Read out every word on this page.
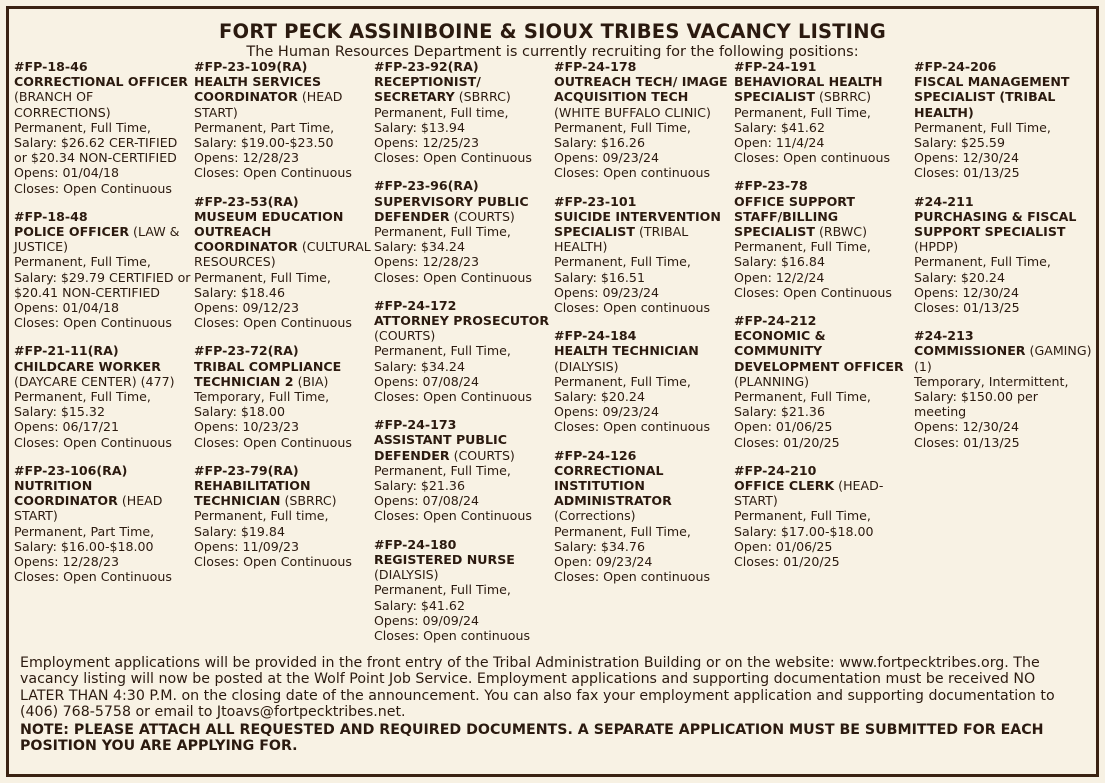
FORT PECK ASSINIBOINE & SIOUX TRIBES VACANCY LISTING
The Human Resources Department is currently recruiting for the following positions:
#FP-18-46
CORRECTIONAL OFFICER (BRANCH OF CORRECTIONS)
Permanent, Full Time,
Salary: $26.62 CER-TIFIED or $20.34 NON-CERTIFIED
Opens: 01/04/18
Closes: Open Continuous
#FP-18-48
POLICE OFFICER (LAW & JUSTICE)
Permanent, Full Time,
Salary: $29.79 CERTIFIED or $20.41 NON-CERTIFIED
Opens: 01/04/18
Closes: Open Continuous
#FP-21-11(RA)
CHILDCARE WORKER (DAYCARE CENTER) (477)
Permanent, Full Time,
Salary: $15.32
Opens: 06/17/21
Closes: Open Continuous
#FP-23-106(RA)
NUTRITION COORDINATOR (HEAD START)
Permanent, Part Time,
Salary: $16.00-$18.00
Opens: 12/28/23
Closes: Open Continuous
#FP-23-109(RA)
HEALTH SERVICES COORDINATOR (HEAD START)
Permanent, Part Time,
Salary: $19.00-$23.50
Opens: 12/28/23
Closes: Open Continuous
#FP-23-53(RA)
MUSEUM EDUCATION OUTREACH COORDINATOR (CULTURAL RESOURCES)
Permanent, Full Time,
Salary: $18.46
Opens: 09/12/23
Closes: Open Continuous
#FP-23-72(RA)
TRIBAL COMPLIANCE TECHNICIAN 2 (BIA)
Temporary, Full Time,
Salary: $18.00
Opens: 10/23/23
Closes: Open Continuous
#FP-23-79(RA)
REHABILITATION TECHNICIAN (SBRRC)
Permanent, Full time,
Salary: $19.84
Opens: 11/09/23
Closes: Open Continuous
#FP-23-92(RA)
RECEPTIONIST/ SECRETARY (SBRRC)
Permanent, Full time,
Salary: $13.94
Opens: 12/25/23
Closes: Open Continuous
#FP-23-96(RA)
SUPERVISORY PUBLIC DEFENDER (COURTS)
Permanent, Full Time,
Salary: $34.24
Opens: 12/28/23
Closes: Open Continuous
#FP-24-172
ATTORNEY PROSECUTOR (COURTS)
Permanent, Full Time,
Salary: $34.24
Opens: 07/08/24
Closes: Open Continuous
#FP-24-173
ASSISTANT PUBLIC DEFENDER (COURTS)
Permanent, Full Time,
Salary: $21.36
Opens: 07/08/24
Closes: Open Continuous
#FP-24-180
REGISTERED NURSE (DIALYSIS)
Permanent, Full Time,
Salary: $41.62
Opens: 09/09/24
Closes: Open continuous
#FP-24-178
OUTREACH TECH/ IMAGE ACQUISITION TECH (WHITE BUFFALO CLINIC)
Permanent, Full Time,
Salary: $16.26
Opens: 09/23/24
Closes: Open continuous
#FP-23-101
SUICIDE INTERVENTION SPECIALIST (TRIBAL HEALTH)
Permanent, Full Time,
Salary: $16.51
Opens: 09/23/24
Closes: Open continuous
#FP-24-184
HEALTH TECHNICIAN (DIALYSIS)
Permanent, Full Time,
Salary: $20.24
Opens: 09/23/24
Closes: Open continuous
#FP-24-126
CORRECTIONAL INSTITUTION ADMINISTRATOR (Corrections)
Permanent, Full Time,
Salary: $34.76
Open: 09/23/24
Closes: Open continuous
#FP-24-191
BEHAVIORAL HEALTH SPECIALIST (SBRRC)
Permanent, Full Time,
Salary: $41.62
Open: 11/4/24
Closes: Open continuous
#FP-23-78
OFFICE SUPPORT STAFF/BILLING SPECIALIST (RBWC)
Permanent, Full Time,
Salary: $16.84
Open: 12/2/24
Closes: Open Continuous
#FP-24-212
ECONOMIC & COMMUNITY DEVELOPMENT OFFICER (PLANNING)
Permanent, Full Time,
Salary: $21.36
Open: 01/06/25
Closes: 01/20/25
#FP-24-210
OFFICE CLERK (HEAD-START)
Permanent, Full Time,
Salary: $17.00-$18.00
Open: 01/06/25
Closes: 01/20/25
#FP-24-206
FISCAL MANAGEMENT SPECIALIST (TRIBAL HEALTH)
Permanent, Full Time,
Salary: $25.59
Opens: 12/30/24
Closes: 01/13/25
#24-211
PURCHASING & FISCAL SUPPORT SPECIALIST (HPDP)
Permanent, Full Time,
Salary: $20.24
Opens: 12/30/24
Closes: 01/13/25
#24-213
COMMISSIONER (GAMING) (1)
Temporary, Intermittent,
Salary: $150.00 per meeting
Opens: 12/30/24
Closes: 01/13/25
Employment applications will be provided in the front entry of the Tribal Administration Building or on the website: www.fortpecktribes.org. The vacancy listing will now be posted at the Wolf Point Job Service. Employment applications and supporting documentation must be received NO LATER THAN 4:30 P.M. on the closing date of the announcement. You can also fax your employment application and supporting documentation to (406) 768-5758 or email to Jtoavs@fortpecktribes.net.
NOTE: PLEASE ATTACH ALL REQUESTED AND REQUIRED DOCUMENTS. A SEPARATE APPLICATION MUST BE SUBMITTED FOR EACH POSITION YOU ARE APPLYING FOR.
